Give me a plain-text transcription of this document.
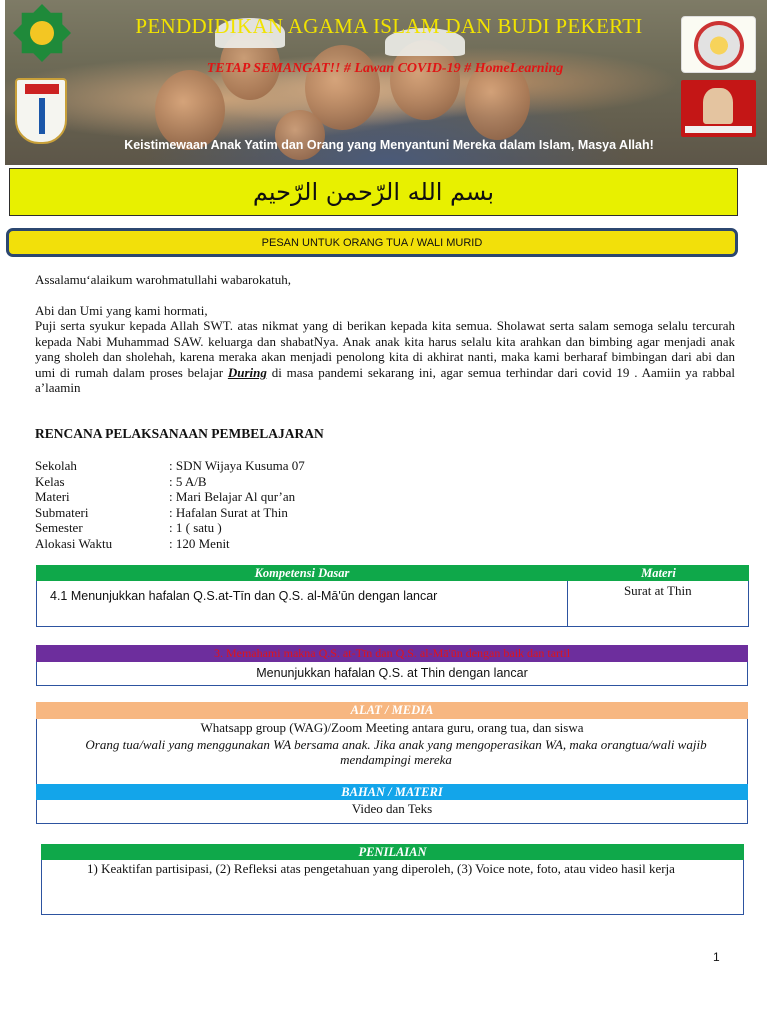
PENDDIDIKAN AGAMA ISLAM DAN BUDI PEKERTI
TETAP SEMANGAT!! # Lawan COVID-19 # HomeLearning
Keistimewaan Anak Yatim dan Orang yang Menyantuni Mereka dalam Islam, Masya Allah!
بسم الله الرّحمن الرّحيم
PESAN UNTUK ORANG TUA / WALI MURID
Assalamu‘alaikum warohmatullahi wabarokatuh,
Abi dan Umi yang kami hormati,
Puji serta syukur kepada Allah SWT. atas nikmat yang di berikan kepada kita semua. Sholawat serta salam semoga selalu tercurah kepada Nabi Muhammad SAW. keluarga dan shabatNya. Anak anak kita harus selalu kita arahkan dan bimbing agar menjadi anak yang sholeh dan sholehah, karena meraka akan menjadi penolong kita di akhirat nanti, maka kami berharaf bimbingan dari abi dan umi di rumah dalam proses belajar During di masa pandemi sekarang ini, agar semua terhindar dari covid 19 . Aamiin ya rabbal a’laamin
RENCANA PELAKSANAAN PEMBELAJARAN
Sekolah	: SDN Wijaya Kusuma 07
Kelas	: 5 A/B
Materi	: Mari Belajar Al qur’an
Submateri	: Hafalan Surat at Thin
Semester	: 1 ( satu )
Alokasi Waktu	: 120 Menit
Kompetensi Dasar	Materi
4.1 Menunjukkan hafalan Q.S.at-Tīn dan Q.S. al-Mā'ūn dengan lancar	Surat at Thin
3. Memahami makna Q.S. at-Tīn dan Q.S. al-Mā'ūn dengan baik dan tartil
Menunjukkan hafalan Q.S. at Thin dengan lancar
ALAT / MEDIA
Whatsapp group (WAG)/Zoom Meeting antara guru, orang tua, dan siswa
Orang tua/wali yang menggunakan WA bersama anak. Jika anak yang mengoperasikan WA, maka orangtua/wali wajib mendampingi mereka
BAHAN / MATERI
Video dan Teks
PENILAIAN
1) Keaktifan partisipasi, (2) Refleksi atas pengetahuan yang diperoleh, (3) Voice note, foto, atau video hasil kerja
1
